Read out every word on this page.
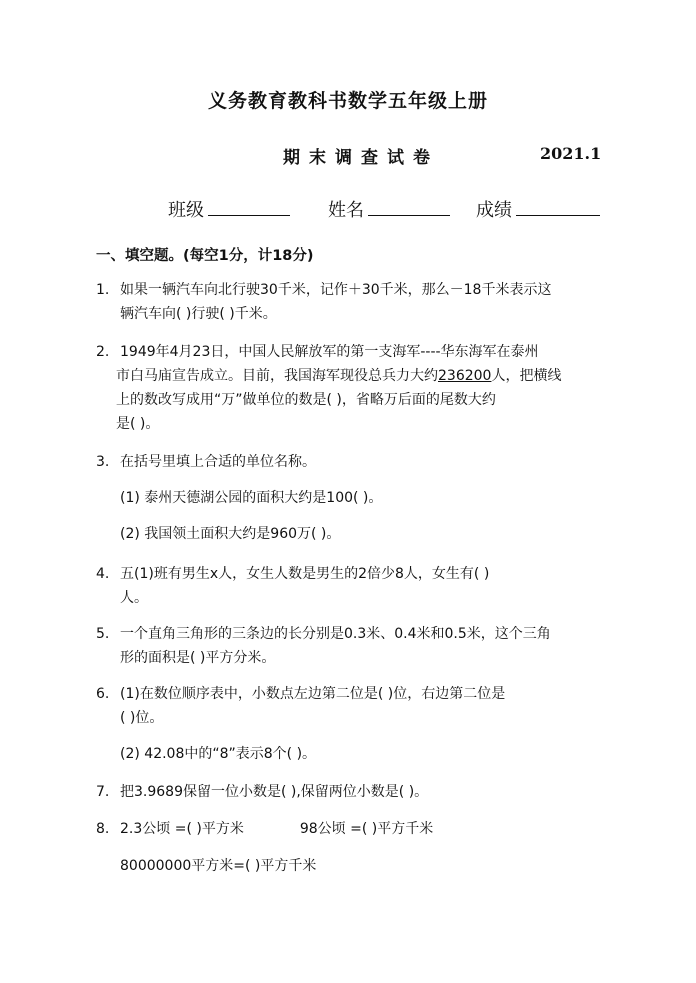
义务教育教科书数学五年级上册
期末调查试卷	2021.1
班级	姓名	成绩
一、填空题。(每空1分，计18分)
1. 如果一辆汽车向北行驶30千米，记作＋30千米，那么－18千米表示这
辆汽车向( )行驶( )千米。
2. 1949年4月23日，中国人民解放军的第一支海军----华东海军在泰州
市白马庙宣告成立。目前，我国海军现役总兵力大约236200人，把横线
上的数改写成用“万”做单位的数是( )，省略万后面的尾数大约
是( )。
3. 在括号里填上合适的单位名称。
(1) 泰州天德湖公园的面积大约是100( )。
(2) 我国领土面积大约是960万( )。
4. 五(1)班有男生x人，女生人数是男生的2倍少8人，女生有( )
人。
5. 一个直角三角形的三条边的长分别是0.3米、0.4米和0.5米，这个三角
形的面积是( )平方分米。
6. (1)在数位顺序表中，小数点左边第二位是( )位，右边第二位是
( )位。
(2) 42.08中的“8”表示8个( )。
7. 把3.9689保留一位小数是( ),保留两位小数是( )。
8. 2.3公顷 =( )平方米	98公顷 =( )平方千米
80000000平方米=( )平方千米
